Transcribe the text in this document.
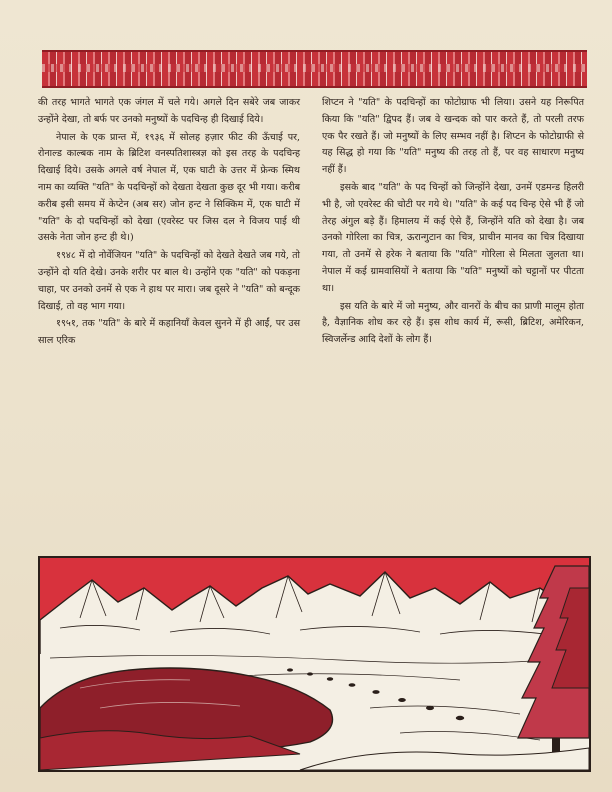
की तरह भागते भागते एक जंगल में चले गये। अगले दिन सबेरे जब जाकर उन्होंने देखा, तो बर्फ पर उनको मनुष्यों के पदचिन्ह ही दिखाई दिये।

नेपाल के एक प्रान्त में, १९३६ में सोलह हज़ार फीट की ऊँचाई पर, रोनाल्ड काल्बक नाम के ब्रिटिश वनस्पतिशास्त्रज्ञ को इस तरह के पदचिन्ह दिखाई दिये। उसके अगले वर्ष नेपाल में, एक घाटी के उत्तर में फ्रेन्क स्मिथ नाम का व्यक्ति "यति" के पदचिन्हों को देखता देखता कुछ दूर भी गया। करीब करीब इसी समय में केप्टेन (अब सर) जोन हन्ट ने सिक्किम में, एक घाटी में "यति" के दो पदचिन्हों को देखा (एवरेस्ट पर जिस दल ने विजय पाई थी उसके नेता जोन हन्ट ही थे।)

१९४८ में दो नोर्वेजियन "यति" के पदचिन्हों को देखते देखते जब गये, तो उन्होंने दो यति देखे। उनके शरीर पर बाल थे। उन्होंने एक "यति" को पकड़ना चाहा, पर उनको उनमें से एक ने हाथ पर मारा। जब दूसरे ने "यति" को बन्दूक दिखाई, तो वह भाग गया।

१९५१, तक "यति" के बारे में कहानियाँ केवल सुनने में ही आईं, पर उस साल एरिक

शिप्टन ने "यति" के पदचिन्हों का फोटोग्राफ भी लिया। उसने यह निरूपित किया कि "यति" द्विपद हैं। जब वे खन्दक को पार करते हैं, तो परली तरफ एक पैर रखते हैं। जो मनुष्यों के लिए सम्भव नहीं है। शिप्टन के फोटोग्राफी से यह सिद्ध हो गया कि "यति" मनुष्य की तरह तो हैं, पर वह साधारण मनुष्य नहीं हैं।

इसके बाद "यति" के पद चिन्हों को जिन्होंने देखा, उनमें एडमन्ड हिलरी भी है, जो एवरेस्ट की चोटी पर गये थे। "यति" के कई पद चिन्ह ऐसे भी हैं जो तेरह अंगुल बड़े हैं। हिमालय में कई ऐसे हैं, जिन्होंने यति को देखा है। जब उनको गोरिला का चित्र, ऊरान्गुटान का चित्र, प्राचीन मानव का चित्र दिखाया गया, तो उनमें से हरेक ने बताया कि "यति" गोरिला से मिलता जुलता था। नेपाल में कई ग्रामवासियों ने बताया कि "यति" मनुष्यों को चट्टानों पर पीटता था।

इस यति के बारे में जो मनुष्य, और वानरों के बीच का प्राणी मालूम होता है, वैज्ञानिक शोध कर रहे हैं। इस शोध कार्य में, रूसी, ब्रिटिश, अमेरिकन, स्विजर्लेन्ड आदि देशों के लोग हैं।
